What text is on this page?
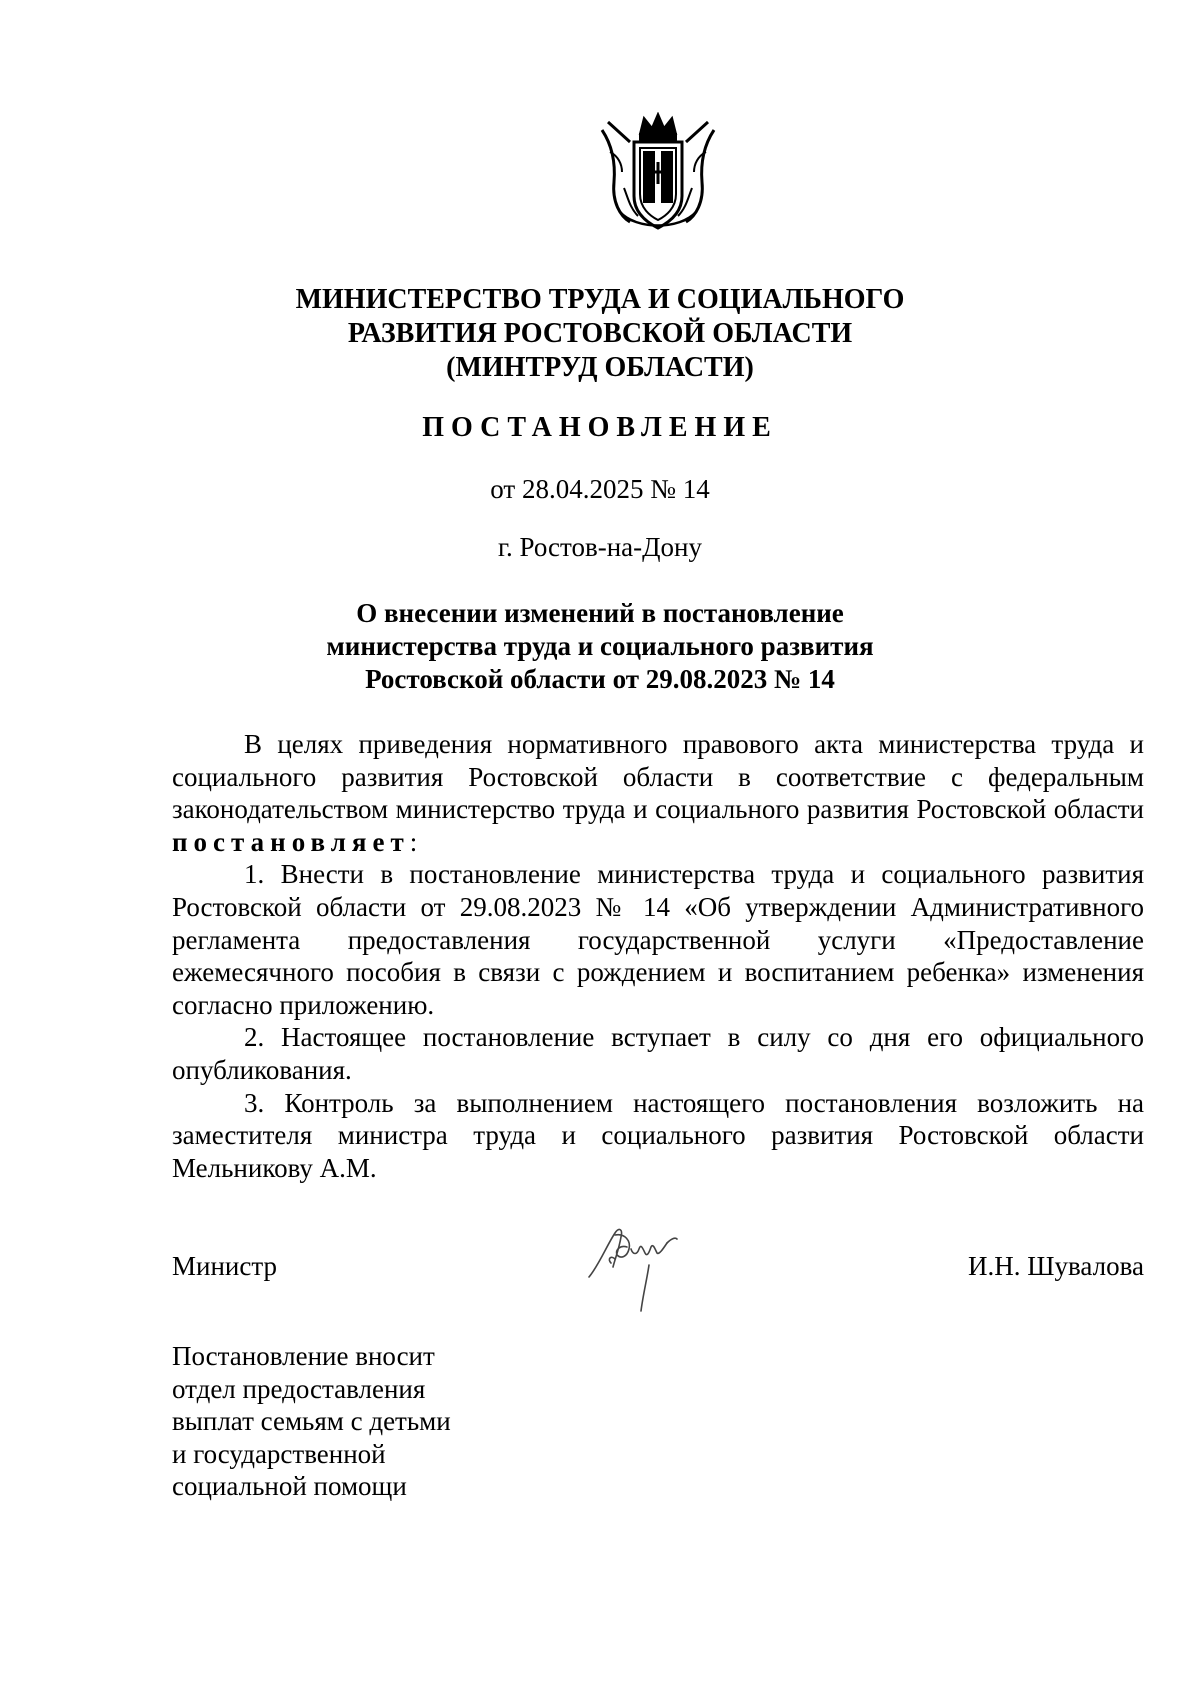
МИНИСТЕРСТВО ТРУДА И СОЦИАЛЬНОГО
РАЗВИТИЯ РОСТОВСКОЙ ОБЛАСТИ
(МИНТРУД ОБЛАСТИ)
ПОСТАНОВЛЕНИЕ
от 28.04.2025 № 14
г. Ростов-на-Дону
О внесении изменений в постановление
министерства труда и социального развития
Ростовской области от 29.08.2023 № 14

В целях приведения нормативного правового акта министерства труда и социального развития Ростовской области в соответствие с федеральным законодательством министерство труда и социального развития Ростовской области постановляет:

1. Внести в постановление министерства труда и социального развития Ростовской области от 29.08.2023 № 14 «Об утверждении Административного регламента предоставления государственной услуги «Предоставление ежемесячного пособия в связи с рождением и воспитанием ребенка» изменения согласно приложению.

2. Настоящее постановление вступает в силу со дня его официального опубликования.

3. Контроль за выполнением настоящего постановления возложить на заместителя министра труда и социального развития Ростовской области Мельникову А.М.

Министр	И.Н. Шувалова
Постановление вносит
отдел предоставления
выплат семьям с детьми
и государственной
социальной помощи
